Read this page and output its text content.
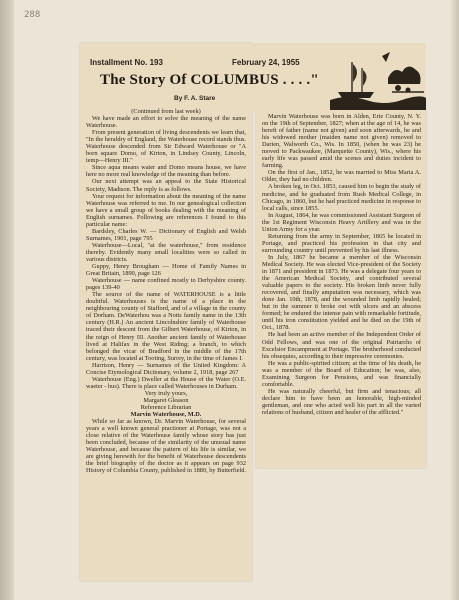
288
Installment No. 193	February 24, 1955
The Story Of COLUMBUS . . . ."
By F. A. Stare

(Continued from last week)

We have made an effort to solve the meaning of the name Waterhouse.

From present generation of living descendents we learn that, "In the heraldry of England, the Waterhouse record stands thus. Waterhouse descended from Sir Edward Waterhouse or "A born square Domo, of Kirton, in Lindsey County, Lincoln, temp—Henry III."

Since aqua means water and Domo means house, we have here no more real knowledge of the meaning than before.

Our next attempt was an appeal to the State Historical Society, Madison. The reply is as follows.

Your request for information about the meaning of the name Waterhouse was referred to me. In our genealogical collection we have a small group of books dealing with the meaning of English surnames. Following are references I found to this particular name:

Bardsley, Charles W. — Dictionary of English and Welsh Surnames, 1901, page 795

Waterhouse—Local, "at the waterhouse," from residence thereby. Evidently many small localities were so called in various districts.

Guppy, Henry Brougham — Home of Family Names in Great Britain, 1890, page 126

Waterhouse — name confined mostly to Derbyshire county. pages 139-40

The source of the name of WATERHOUSE is a little doubtful. Waterhouses is the name of a place in the neighbouring county of Stafford, and of a village in the county of Dorham. DeWaterhou was a Notts family name in the 13th century (H.R.) An ancient Lincolnshire family of Waterhouse traced their descent from the Gilbert Waterhouse, of Kirton, in the reign of Henry III. Another ancient family of Waterhouse lived at Halifax in the West Riding; a branch, to which belonged the vicar of Bradford in the middle of the 17th century, was located at Tooting, Surrey, in the time of James I.

Harrison, Henry — Surnames of the United Kingdom: A Concise Etymological Dictionary, volume 2, 1918, page 267

Waterhouse (Eng.) Dweller at the House of the Water (O.E. waeter - hus). There is place called Waterhouses in Durham.

Very truly yours,

Margaret Gleason

Reference Librarian

Marvin Waterhouse, M.D.

While so far as known, Dr. Marvin Waterhouse, for several years a well known general practioner at Portage, was not a close relative of the Waterhouse family whose story has just been concluded, because of the similarity of the unusual name Waterhouse, and because the pattern of his life is similar, we are giving herewith for the benefit of Waterhouse descendents the brief biography of the doctor as it appears on page 932 History of Columbia County, published in 1880, by Butterfield.

Marvin Waterhouse was born in Alden, Erie County, N. Y. on the 19th of September, 1827; when at the age of 14, he was bereft of father (name not given) and soon afterwards, he and his widowed mother (maiden name not given) removed to Darien, Walworth Co., Wis. In 1850, (when he was 23) he moved to Packwaukee, (Marquette County), Wis., where his early life was passed amid the scenes and duties incident to farming.

On the first of Jan., 1852, he was married to Miss Maria A. Older, they had no children.

A broken leg, in Oct. 1853, caused him to begin the study of medicine, and he graduated from Rush Medical College, in Chicago, in 1860, but he had practiced medicine in response to local calls, since 1855.

In August, 1864, he was commissioned Assistant Surgeon of the 1st Regiment Wisconsin Heavy Artillery and was in the Union Army for a year.

Returning from the army in September, 1865 he located in Portage, and practiced his profession in that city and surrounding country until prevented by his last illness.

In July, 1867 he became a member of the Wisconsin Medical Society. He was elected Vice-president of the Society in 1871 and president in 1873. He was a delegate four years to the American Medical Society, and contributed several valuable papers to the society. His broken limb never fully recovered, and finally amputation was necessary, which was done Jan. 10th, 1878, and the wounded limb rapidly healed; but in the summer it broke out with ulcers and an abscess formed; he endured the intense pain with remarkable fortitude, until his iron constitution yielded and he died on the 19th of Oct., 1878.

He had been an active member of the Independent Order of Odd Fellows, and was one of the original Patriarchs of Excelsior Encampment at Portage. The brotherhood conducted his obsequies, according to their impressive ceremonies.

He was a public-spirited citizen; at the time of his death, he was a member of the Board of Education; he was, also, Examining Surgeon for Pensions, and was financially comfortable.

He was naturally cheerful, but firm and tenacious; all declare him to have been an honorable, high-minded gentleman, and one who acted well his part in all the varied relations of husband, citizen and healer of the afflicted."
